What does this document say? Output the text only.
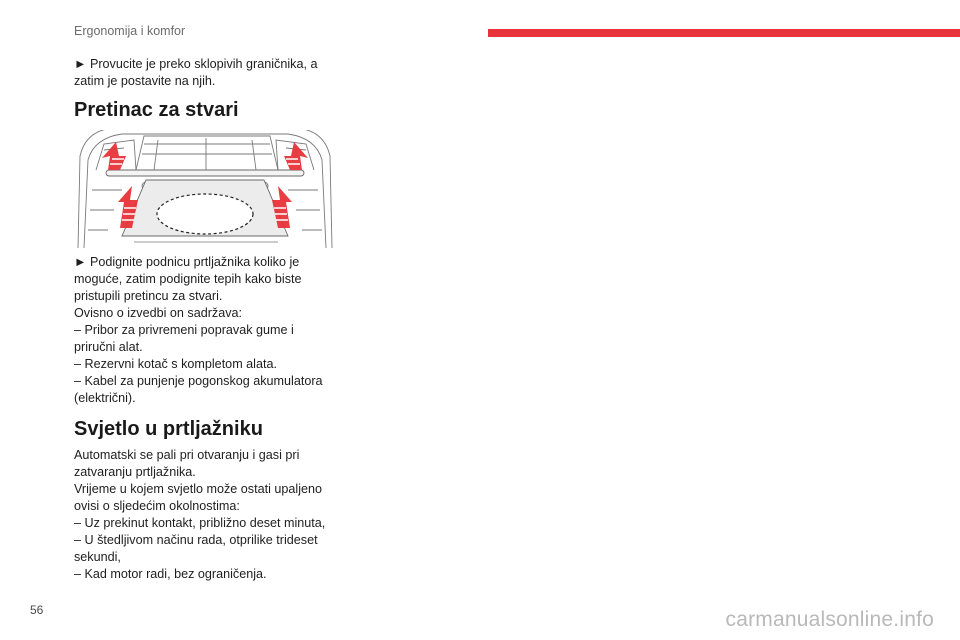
Ergonomija i komfor

► Provucite je preko sklopivih graničnika, a zatim je postavite na njih.

Pretinac za stvari

► Podignite podnicu prtljažnika koliko je moguće, zatim podignite tepih kako biste pristupili pretincu za stvari.

Ovisno o izvedbi on sadržava:

– Pribor za privremeni popravak gume i priručni alat.

– Rezervni kotač s kompletom alata.

– Kabel za punjenje pogonskog akumulatora (električni).

Svjetlo u prtljažniku

Automatski se pali pri otvaranju i gasi pri zatvaranju prtljažnika.

Vrijeme u kojem svjetlo može ostati upaljeno ovisi o sljedećim okolnostima:

– Uz prekinut kontakt, približno deset minuta,

– U štedljivom načinu rada, otprilike trideset sekundi,

– Kad motor radi, bez ograničenja.

56	carmanualsonline.info
